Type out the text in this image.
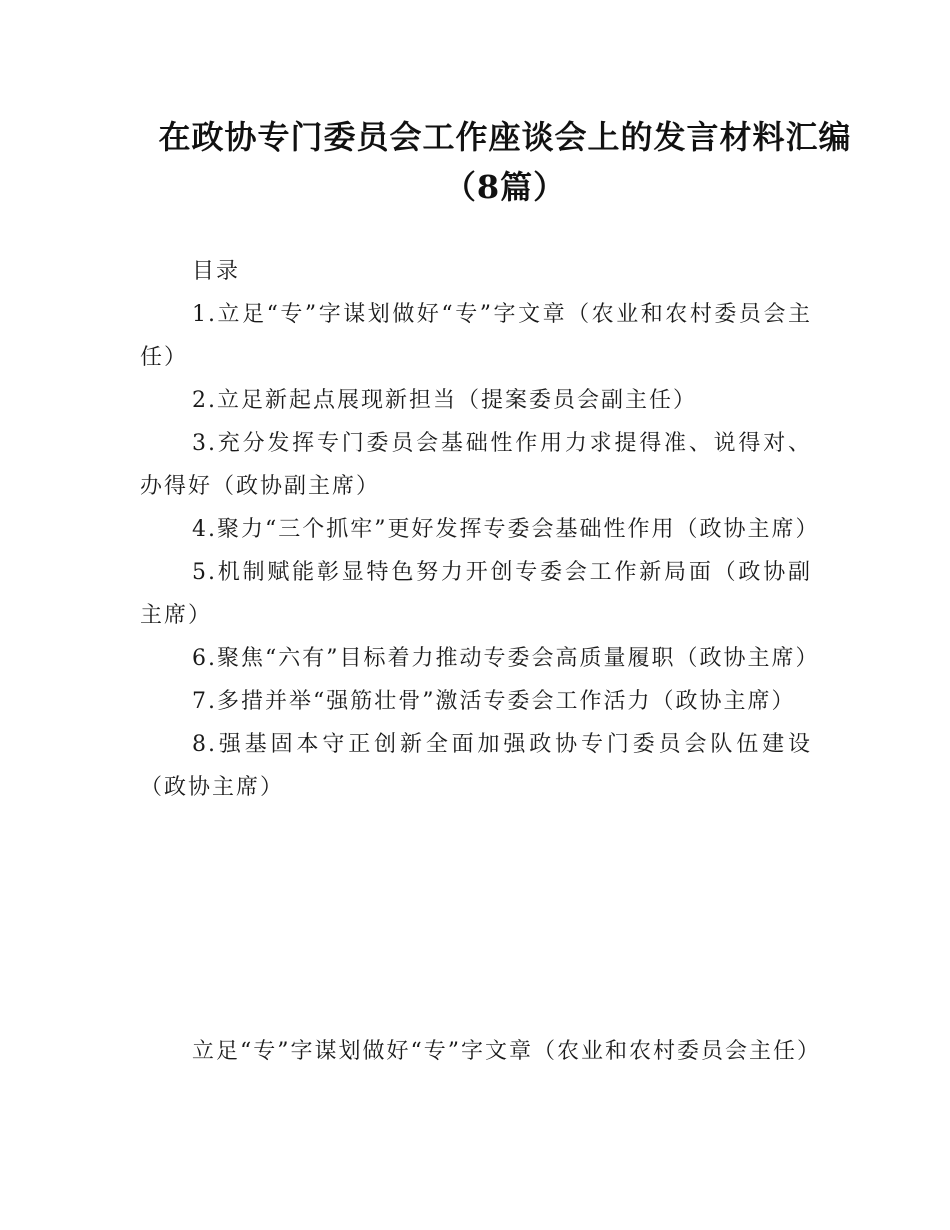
在政协专门委员会工作座谈会上的发言材料汇编（8篇）

目录

1.立足“专”字谋划做好“专”字文章（农业和农村委员会主任）
2.立足新起点展现新担当（提案委员会副主任）
3.充分发挥专门委员会基础性作用力求提得准、说得对、办得好（政协副主席）
4.聚力“三个抓牢”更好发挥专委会基础性作用（政协主席）
5.机制赋能彰显特色努力开创专委会工作新局面（政协副主席）
6.聚焦“六有”目标着力推动专委会高质量履职（政协主席）
7.多措并举“强筋壮骨”激活专委会工作活力（政协主席）
8.强基固本守正创新全面加强政协专门委员会队伍建设（政协主席）
立足“专”字谋划做好“专”字文章（农业和农村委员会主任）
